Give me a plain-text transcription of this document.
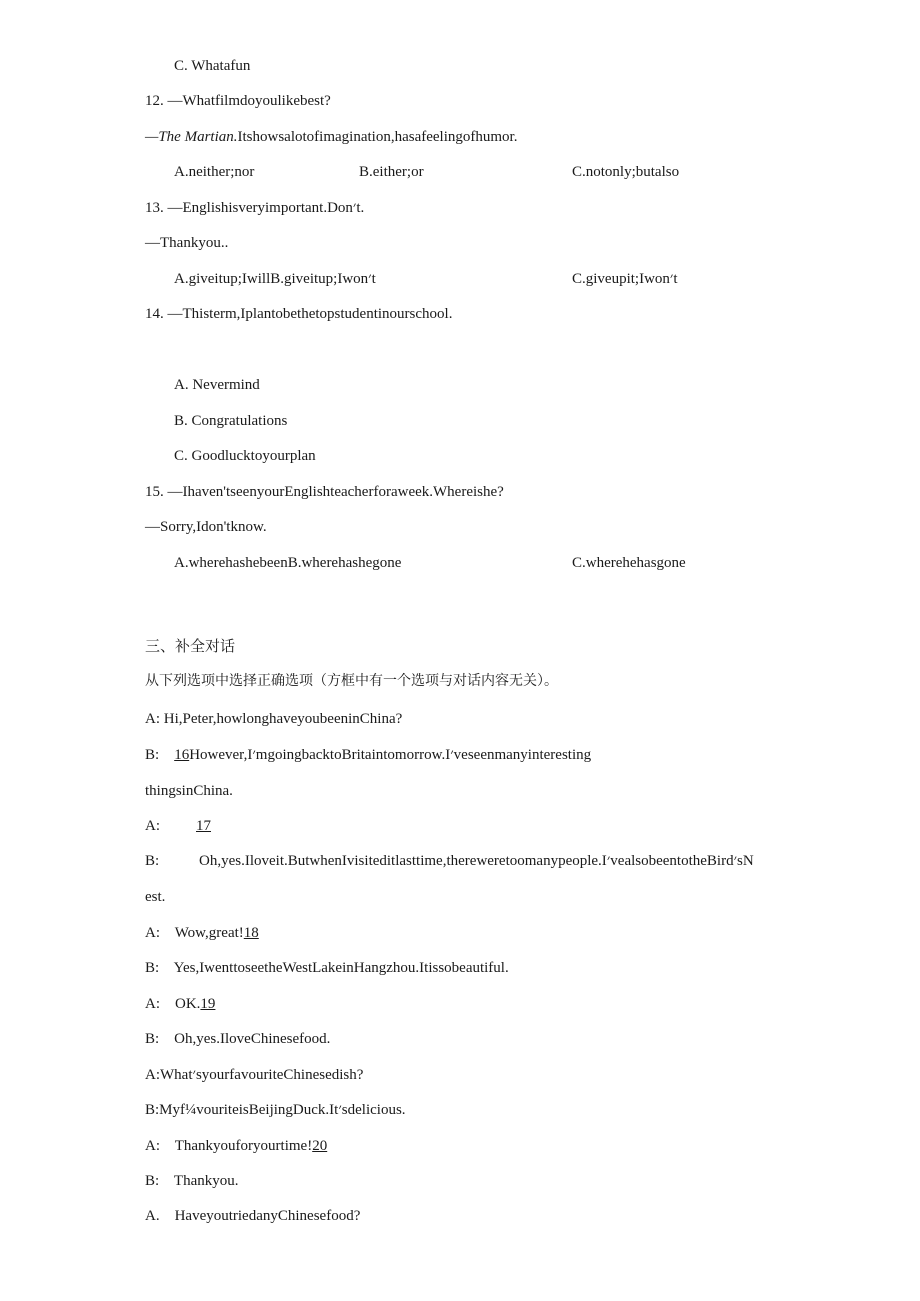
C. Whatafun
12. —Whatfilmdoyoulikebest?
—The Martian.Itshowsalotofimagination,hasafeelingofhumor.
A.neither;nor	B.either;or	C.notonly;butalso
13. —Englishisveryimportant.Don׳t.
—Thankyou..
A.giveitup;IwillB.giveitup;Iwon׳t	C.giveupit;Iwon׳t
14. —Thisterm,Iplantobethetopstudentinourschool.
A. Nevermind
B. Congratulations
C. Goodlucktoyourplan
15. —Ihaven'tseenyourEnglishteacherforaweek.Whereishe?
—Sorry,Idon'tknow.
A.wherehashebeenB.wherehashegone	C.wherehehasgone
三、补全对话
从下列选项中选择正确选项（方框中有一个选项与对话内容无关）。
A: Hi,Peter,howlonghaveyoubeeninChina?
B:    16However,I׳mgoingbacktoBritaintomorrow.I׳veseenmanyinteresting
thingsinChina.
A: 17
B:	Oh,yes.Iloveit.ButwhenIvisiteditlasttime,thereweretoomanypeople.I׳vealsobeentotheBird׳sN
est.
A:    Wow,great!18
B:    Yes,IwenttoseetheWestLakeinHangzhou.Itissobeautiful.
A:    OK.19
B:    Oh,yes.IloveChinesefood.
A:What׳syourfavouriteChinesedish?
B:Myf¼vouriteisBeijingDuck.It׳sdelicious.
A:    Thankyouforyourtime!20
B:    Thankyou.
A.    HaveyoutriedanyChinesefood?
